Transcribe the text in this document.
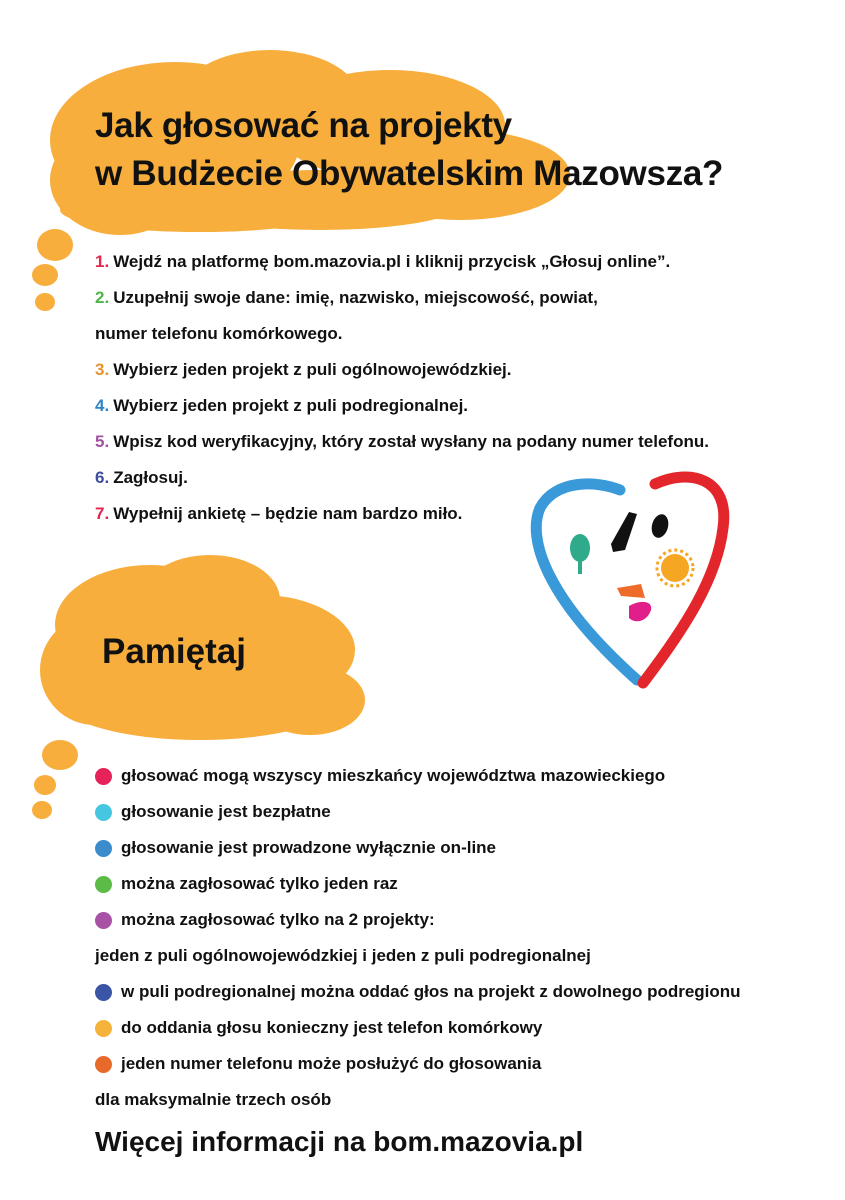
Jak głosować na projekty
w Budżecie Obywatelskim Mazowsza?
1. Wejdź na platformę bom.mazovia.pl i kliknij przycisk „Głosuj online”.
2. Uzupełnij swoje dane: imię, nazwisko, miejscowość, powiat,
numer telefonu komórkowego.
3. Wybierz jeden projekt z puli ogólnowojewódzkiej.
4. Wybierz jeden projekt z puli podregionalnej.
5. Wpisz kod weryfikacyjny, który został wysłany na podany numer telefonu.
6. Zagłosuj.
7. Wypełnij ankietę – będzie nam bardzo miło.
Pamiętaj
głosować mogą wszyscy mieszkańcy województwa mazowieckiego
głosowanie jest bezpłatne
głosowanie jest prowadzone wyłącznie on-line
można zagłosować tylko jeden raz
można zagłosować tylko na 2 projekty:
jeden z puli ogólnowojewódzkiej i jeden z puli podregionalnej
w puli podregionalnej można oddać głos na projekt z dowolnego podregionu
do oddania głosu konieczny jest telefon komórkowy
jeden numer telefonu może posłużyć do głosowania
dla maksymalnie trzech osób
Więcej informacji na bom.mazovia.pl
